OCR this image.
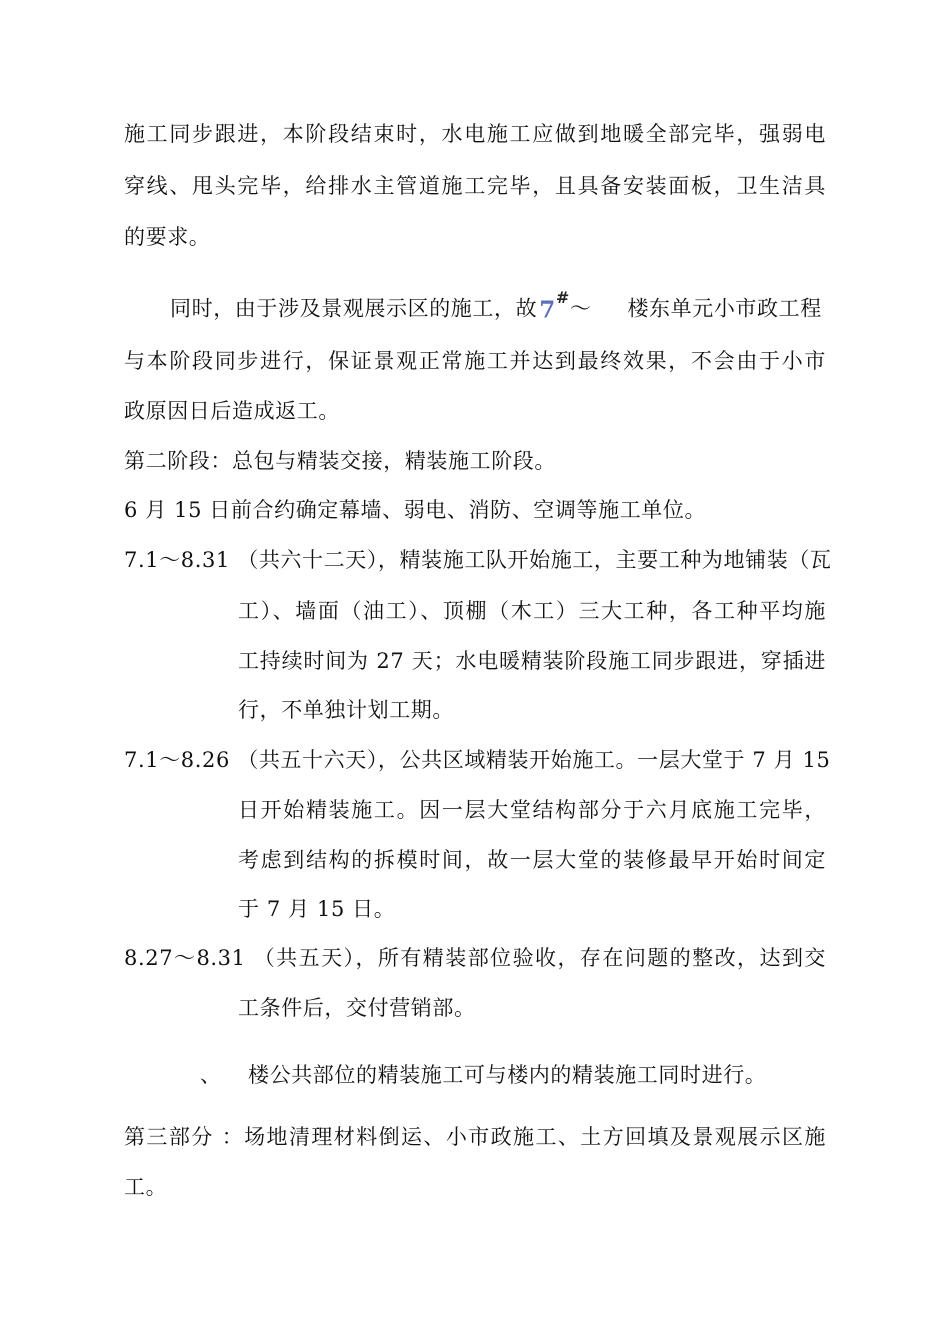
施工同步跟进，本阶段结束时，水电施工应做到地暖全部完毕，强弱电
穿线、甩头完毕，给排水主管道施工完毕，且具备安装面板，卫生洁具
的要求。
同时，由于涉及景观展示区的施工，故7#～ 楼东单元小市政工程
与本阶段同步进行，保证景观正常施工并达到最终效果，不会由于小市
政原因日后造成返工。
第二阶段：总包与精装交接，精装施工阶段。
6 月 15 日前合约确定幕墙、弱电、消防、空调等施工单位。
7.1～8.31 （共六十二天），精装施工队开始施工，主要工种为地铺装（瓦
工）、墙面（油工）、顶棚（木工）三大工种，各工种平均施
工持续时间为 27 天；水电暖精装阶段施工同步跟进，穿插进
行，不单独计划工期。
7.1～8.26 （共五十六天），公共区域精装开始施工。一层大堂于 7 月 15
日开始精装施工。因一层大堂结构部分于六月底施工完毕，
考虑到结构的拆模时间，故一层大堂的装修最早开始时间定
于 7 月 15 日。
8.27～8.31 （共五天），所有精装部位验收，存在问题的整改，达到交
工条件后，交付营销部。
、 楼公共部位的精装施工可与楼内的精装施工同时进行。
第三部分 ：场地清理材料倒运、小市政施工、土方回填及景观展示区施
工。
